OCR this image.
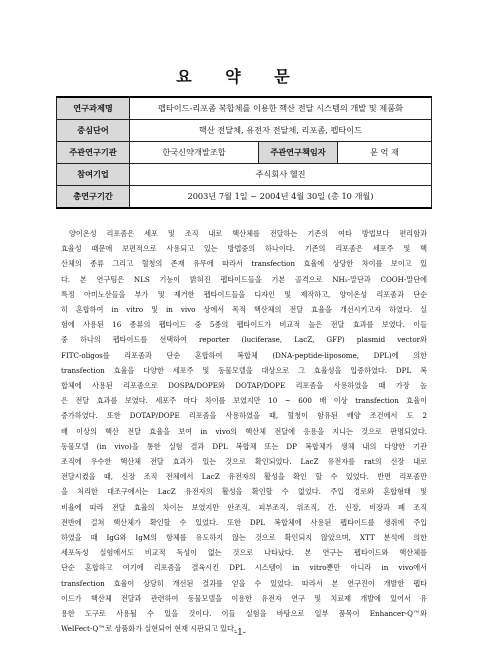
요 약 문
연구과제명	펩타이드-리포좀 복합체를 이용한 핵산 전달 시스템의 개발 및 제품화		
중심단어	핵산 전달체, 유전자 전달체, 리포좀, 펩타이드		
주관연구기관	한국신약개발조합	주관연구책임자	문 억 재
참여기업	주식회사 헬진		
총연구기간	2003년 7월 1일 ~ 2004년 4월 30일 (총 10 개월)		

양이온성 리포좀은 세포 및 조직 내로 핵산체를 전달하는 기존의 여타 방법보다 편리함과

효율성 때문에 보편적으로 사용되고 있는 방법중의 하나이다. 기존의 리포좀은 세포주 및 핵

산체의 종류 그리고 혈청의 존재 유무에 따라서 transfection 효율에 상당한 차이를 보이고 있

다. 본 연구팀은 NLS 기능이 밝혀진 펩타이드들을 기본 골격으로 NH₂-말단과 COOH-말단에

특정 아미노산들을 부가 및 제거한 펩타이드들을 디자인 및 제작하고, 양이온성 리포좀과 단순

히 혼합하여 in vitro 및 in vivo 상에서 목적 핵산체의 전달 효율을 개선시키고자 하였다. 실

험에 사용된 16 종류의 펩타이드 중 5종의 펩타이드가 비교적 높은 전달 효과를 보였다. 이들

중 하나의 펩타이드를 선택하여 reporter (luciferase, LacZ, GFP) plasmid vector와

FITC-oligos를 리포좀과 단순 혼합하여 복합체 (DNA-peptide-liposome, DPL)에 의한

transfection 효율을 다양한 세포주 및 동물모델을 대상으로 그 효율성을 입증하였다. DPL 복

합체에 사용된 리포좀으로 DOSPA/DOPE와 DOTAP/DOPE 리포좀을 사용하였을 때 가장 높

은 전달 효과를 보였다. 세포주 마다 차이를 보였지만 10 ~ 600 배 이상 transfection 효율이

증가하였다. 또한 DOTAP/DOPE 리포좀을 사용하였을 때, 혈청이 함유된 배양 조건에서 도 2

배 이상의 핵산 전달 효율을 보여 in vivo의 핵산체 전달에 응용을 지니는 것으로 판명되었다.

동물모델 (in vivo)을 통한 실험 결과 DPL 복합체 또는 DP 복합체가 생체 내의 다양한 기관

조직에 우수한 핵산체 전달 효과가 있는 것으로 확인되었다. LacZ 유전자를 rat의 신장 내로

전달시켰을 때, 신장 조직 전체에서 LacZ 유전자의 활성을 확인 할 수 있었다. 반면 리포좀만

을 처리한 대조구에서는 LacZ 유전자의 활성을 확인할 수 없었다. 주입 경로와 혼합형태 및

비율에 따라 전달 효율의 차이는 보였지만 안조직, 피부조직, 위조직, 간, 신장, 비장과 폐 조직

전반에 걸쳐 핵산체가 확인할 수 있었다. 또한 DPL 복합체에 사용된 펩타이드를 생쥐에 주입

하였을 때 IgG와 IgM의 항체를 유도하지 않는 것으로 확인되지 않았으며, XTT 분석에 의한

세포독성 실험에서도 비교적 독성이 없는 것으로 나타났다. 본 연구는 펩타이드와 핵산체를

단순 혼합하고 여기에 리포좀을 결육시킨 DPL 시스템이 in vitro뿐만 아니라 in vivo에서

transfection 효율이 상당히 개선된 결과를 얻을 수 있었다. 따라서 본 연구진이 개발한 펩타

이드가 핵산체 전달과 관련하여 동물모델을 이용한 유전자 연구 및 치료제 개발에 있어서 유

용한 도구로 사용될 수 있을 것이다. 이들 실험을 바탕으로 일부 품목이 Enhancer-Q™와

WelFect-Q™로 상품화가 실현되어 현재 시판되고 있다.

-1-
